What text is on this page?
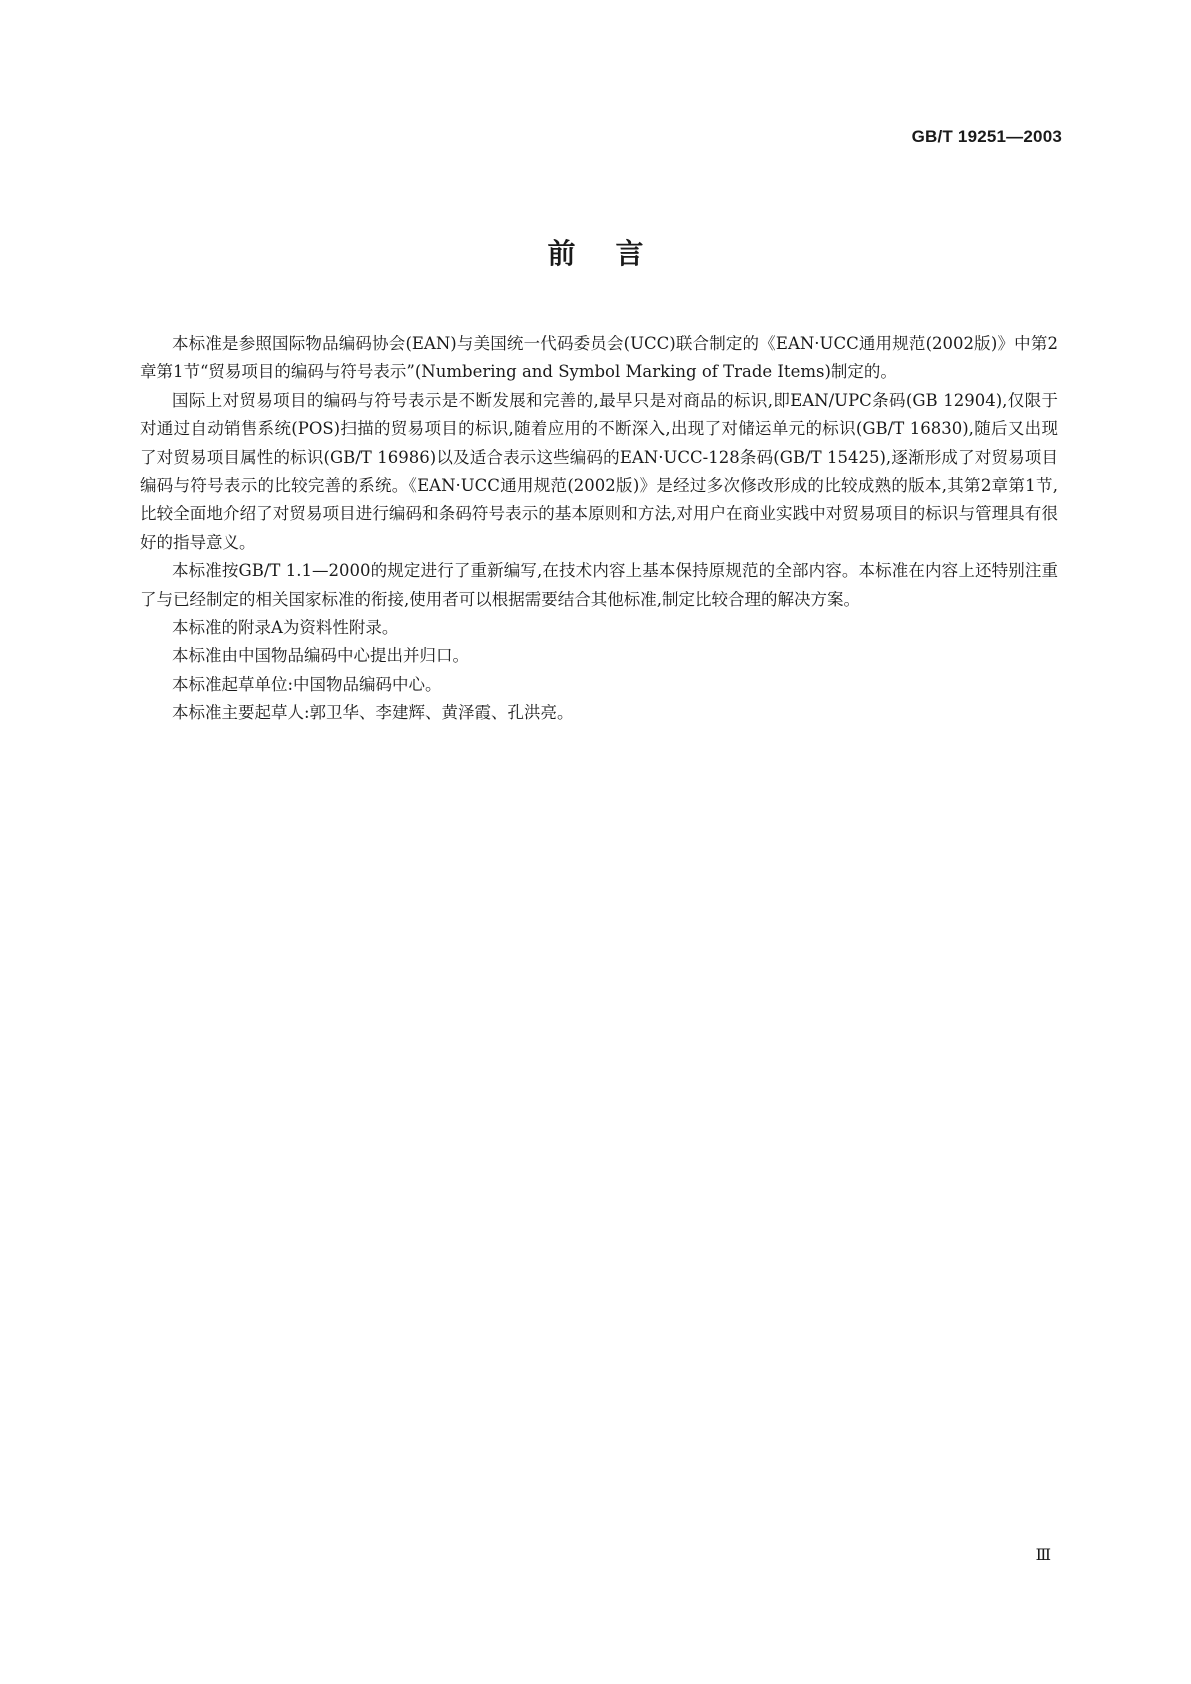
GB/T 19251—2003
前言

本标准是参照国际物品编码协会(EAN)与美国统一代码委员会(UCC)联合制定的《EAN·UCC通用规范(2002版)》中第2章第1节“贸易项目的编码与符号表示”(Numbering and Symbol Marking of Trade Items)制定的。

国际上对贸易项目的编码与符号表示是不断发展和完善的,最早只是对商品的标识,即EAN/UPC条码(GB 12904),仅限于对通过自动销售系统(POS)扫描的贸易项目的标识,随着应用的不断深入,出现了对储运单元的标识(GB/T 16830),随后又出现了对贸易项目属性的标识(GB/T 16986)以及适合表示这些编码的EAN·UCC-128条码(GB/T 15425),逐渐形成了对贸易项目编码与符号表示的比较完善的系统。《EAN·UCC通用规范(2002版)》是经过多次修改形成的比较成熟的版本,其第2章第1节,比较全面地介绍了对贸易项目进行编码和条码符号表示的基本原则和方法,对用户在商业实践中对贸易项目的标识与管理具有很好的指导意义。

本标准按GB/T 1.1—2000的规定进行了重新编写,在技术内容上基本保持原规范的全部内容。本标准在内容上还特别注重了与已经制定的相关国家标准的衔接,使用者可以根据需要结合其他标准,制定比较合理的解决方案。

本标准的附录A为资料性附录。

本标准由中国物品编码中心提出并归口。

本标准起草单位:中国物品编码中心。

本标准主要起草人:郭卫华、李建辉、黄泽霞、孔洪亮。

Ⅲ
